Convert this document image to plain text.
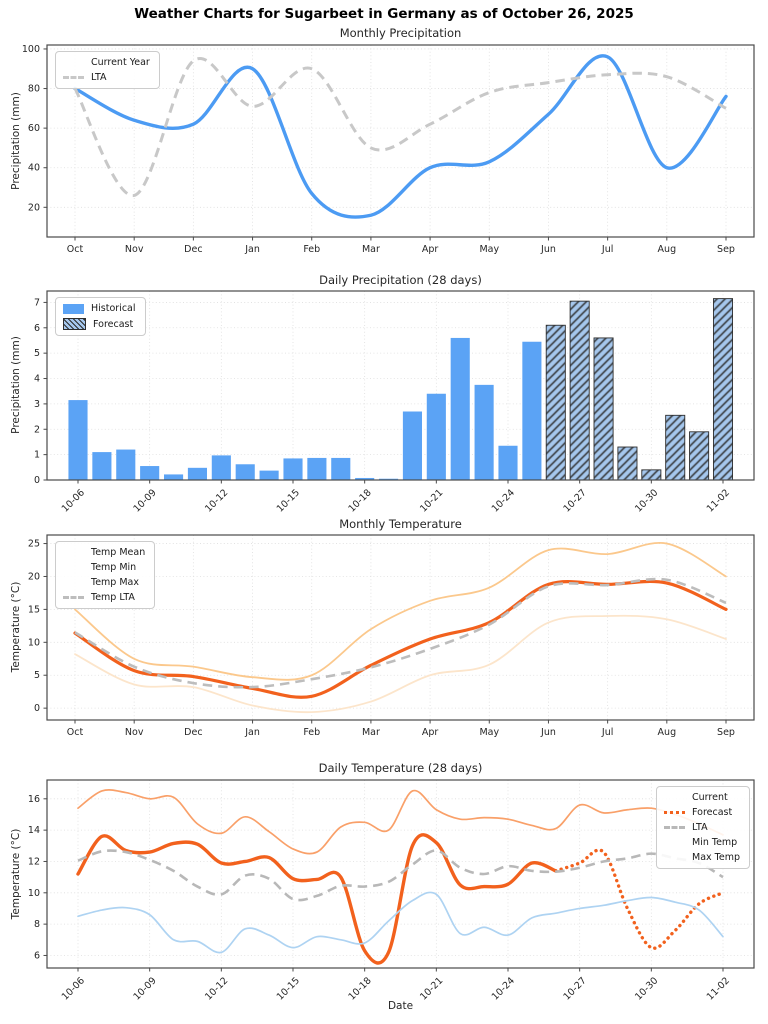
Weather Charts for Sugarbeet in Germany as of October 26, 2025
Monthly Precipitation
Daily Precipitation (28 days)
Monthly Temperature
Daily Temperature (28 days)
Precipitation (mm)
Precipitation (mm)
Temperature (°C)
Temperature (°C)
Date
Current Year
LTA
Historical
Forecast
Temp Mean
Temp Min
Temp Max
Temp LTA
Current
Forecast
LTA
Min Temp
Max Temp
